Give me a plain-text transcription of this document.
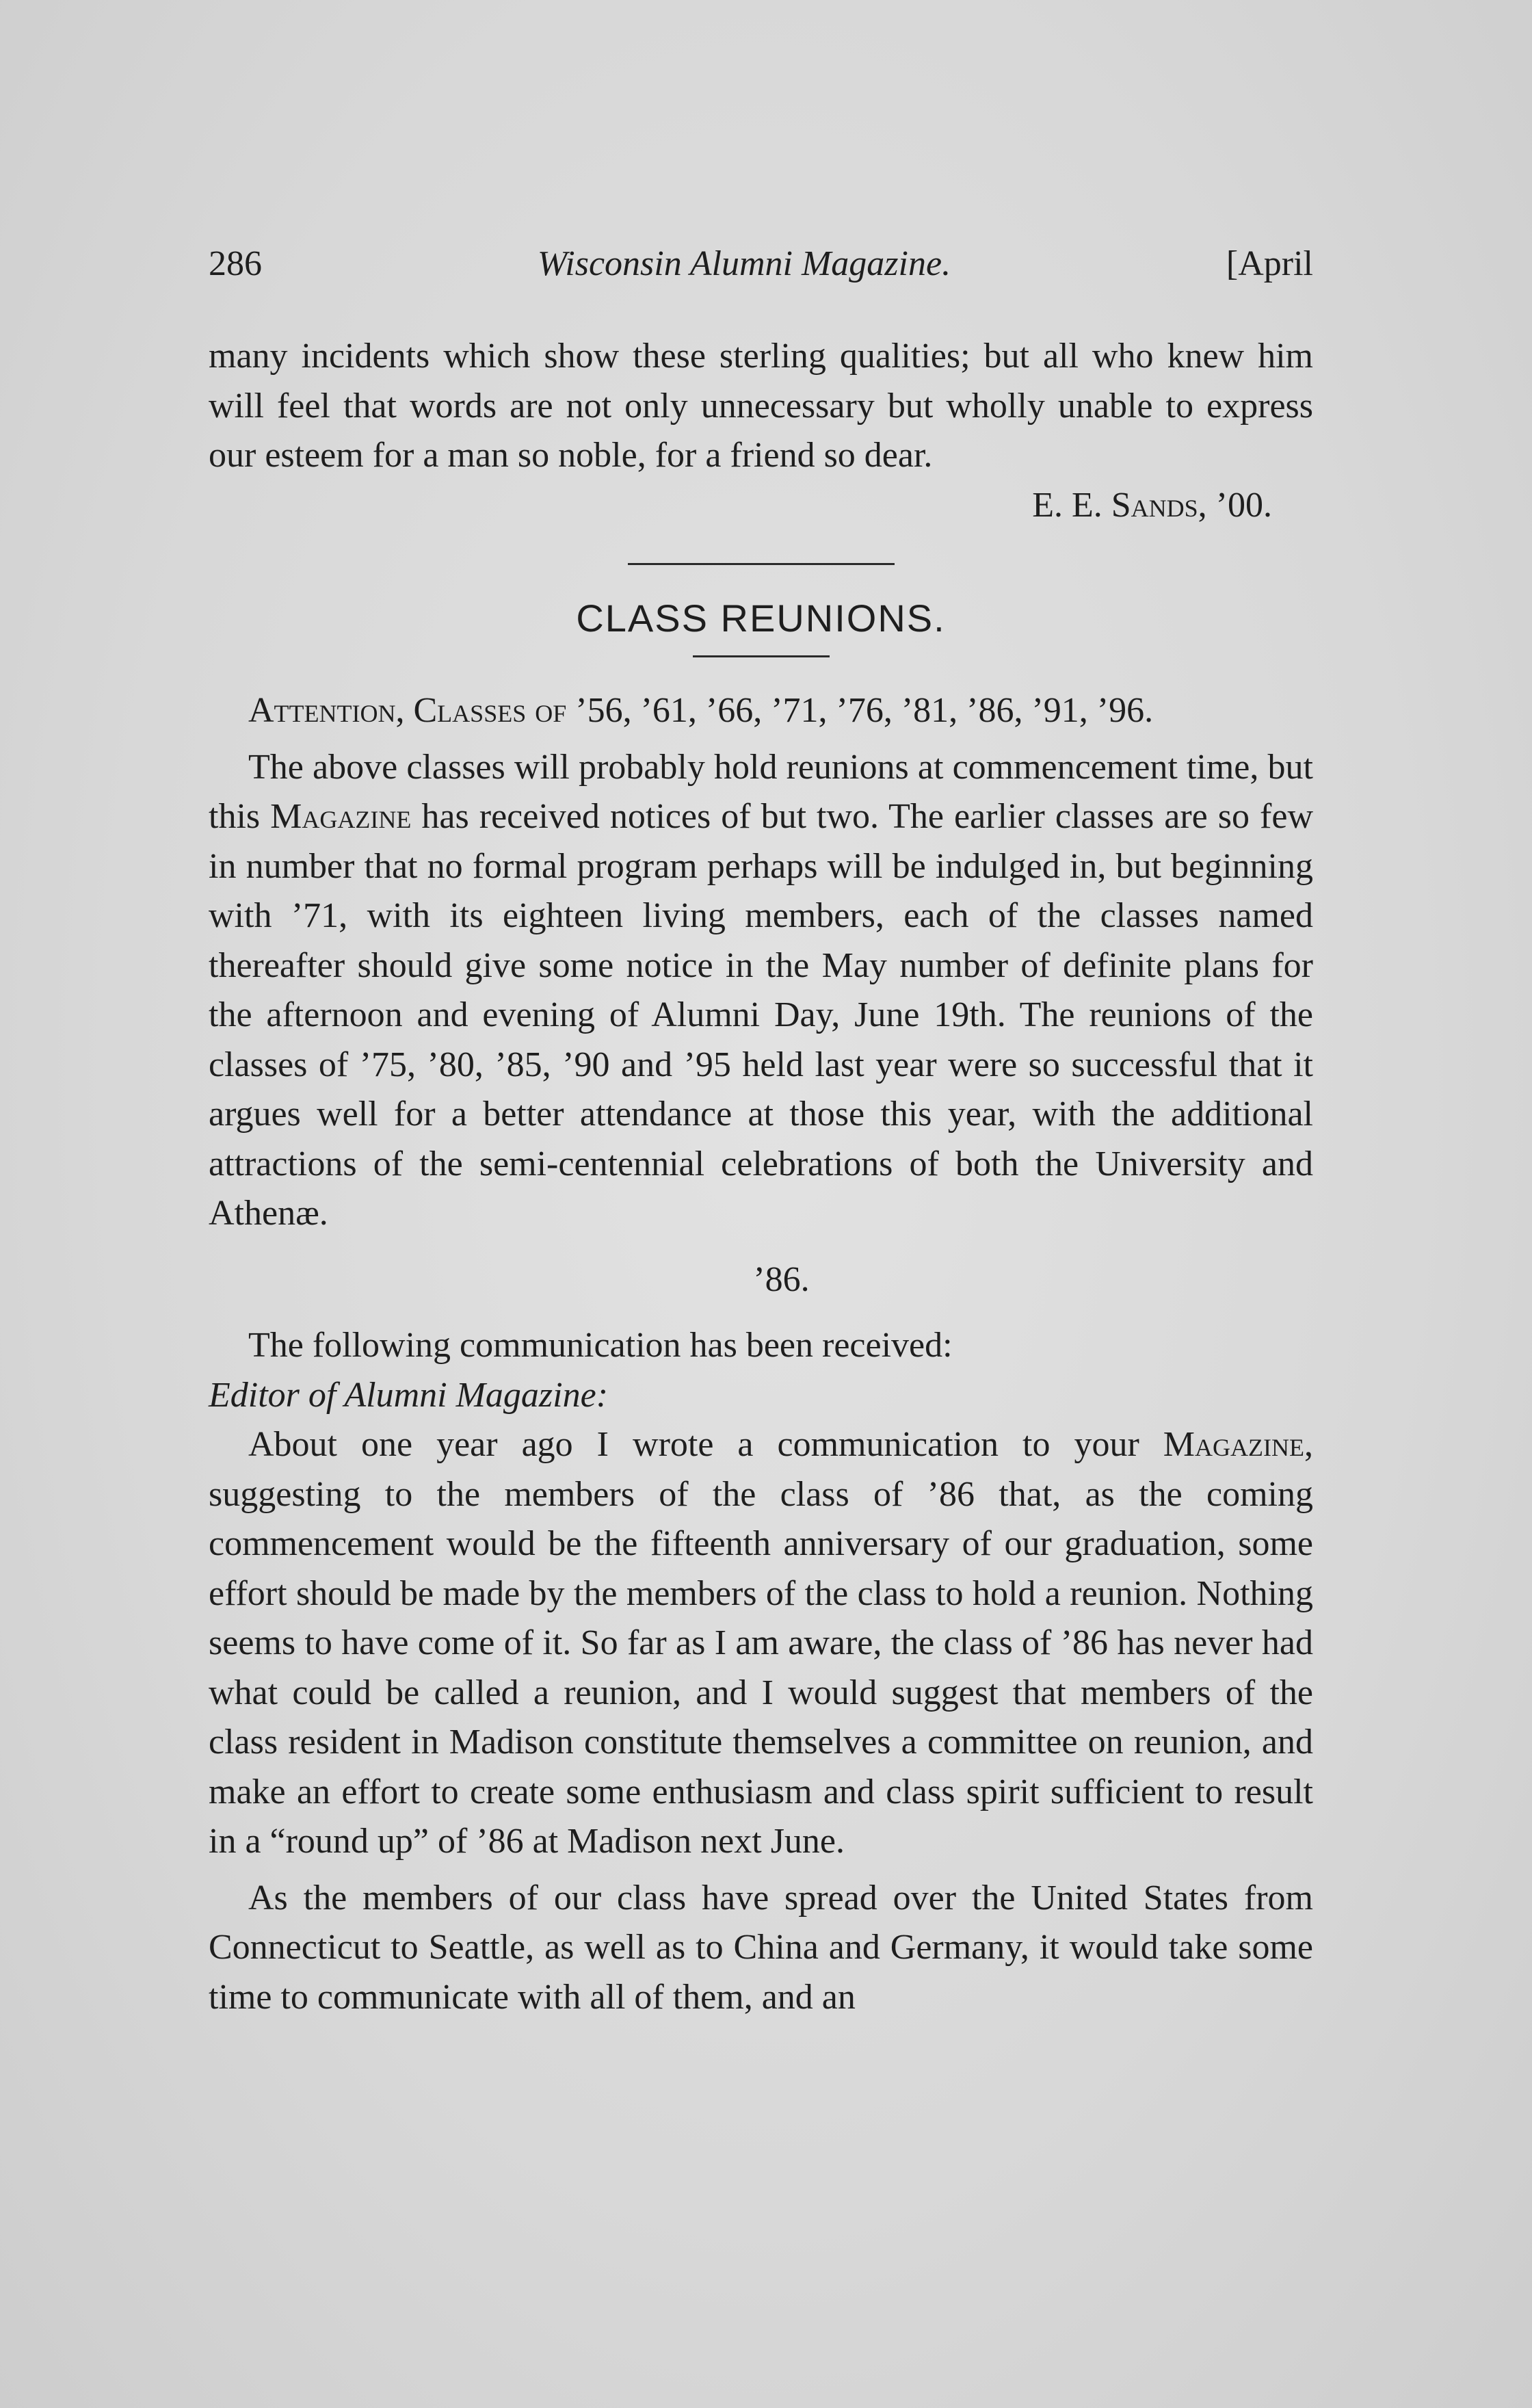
286	Wisconsin Alumni Magazine.	[April

many incidents which show these sterling qualities; but all who knew him will feel that words are not only unnecessary but wholly unable to express our esteem for a man so noble, for a friend so dear.

E. E. Sands, ’00.
CLASS REUNIONS.

Attention, Classes of ’56, ’61, ’66, ’71, ’76, ’81, ’86, ’91, ’96.

The above classes will probably hold reunions at commencement time, but this Magazine has received notices of but two. The earlier classes are so few in number that no formal program perhaps will be indulged in, but beginning with ’71, with its eighteen living members, each of the classes named thereafter should give some notice in the May number of definite plans for the afternoon and evening of Alumni Day, June 19th. The reunions of the classes of ’75, ’80, ’85, ’90 and ’95 held last year were so successful that it argues well for a better attendance at those this year, with the additional attractions of the semi-centennial celebrations of both the University and Athenæ.

’86.

The following communication has been received:

Editor of Alumni Magazine:

About one year ago I wrote a communication to your Magazine, suggesting to the members of the class of ’86 that, as the coming commencement would be the fifteenth anniversary of our graduation, some effort should be made by the members of the class to hold a reunion. Nothing seems to have come of it. So far as I am aware, the class of ’86 has never had what could be called a reunion, and I would suggest that members of the class resident in Madison constitute themselves a committee on reunion, and make an effort to create some enthusiasm and class spirit sufficient to result in a “round up” of ’86 at Madison next June.

As the members of our class have spread over the United States from Connecticut to Seattle, as well as to China and Germany, it would take some time to communicate with all of them, and an
